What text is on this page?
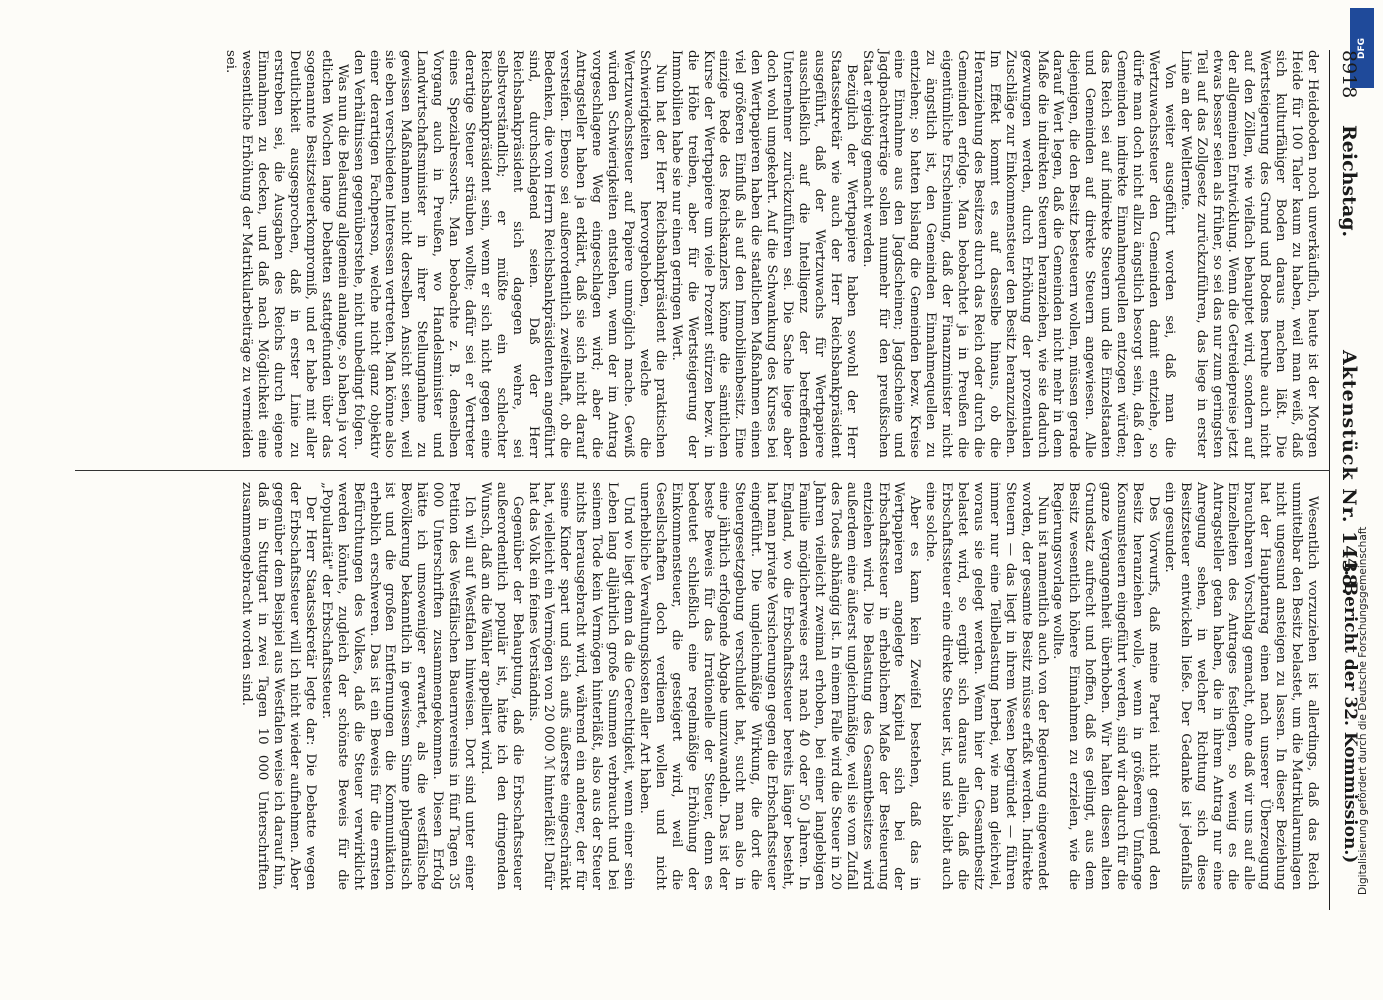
DFG
Digitalisierung gefördert durch die Deutsche Forschungsgemeinschaft
8918
Reichstag.
Aktenstück Nr. 1438.
(4. Bericht der 32. Kommission.)

der Heideboden noch unverkäuflich, heute ist der Morgen Heide für 100 Taler kaum zu haben, weil man weiß, daß sich kulturfähiger Boden daraus machen läßt. Die Wertsteigerung des Grund und Bodens beruhe auch nicht auf den Zöllen, wie vielfach behauptet wird, sondern auf der allgemeinen Entwicklung. Wenn die Getreidepreise jetzt etwas besser seien als früher, so sei das nur zum geringsten Teil auf das Zollgesetz zurückzuführen, das liege in erster Linie an der Weltlernte.

Von weiter ausgeführt worden sei, daß man die Wertzuwachssteuer den Gemeinden damit entziehe, so dürfe man doch nicht allzu ängstlich besorgt sein, daß den Gemeinden indirekte Einnahmequellen entzogen würden; das Reich sei auf indirekte Steuern und die Einzelstaaten und Gemeinden auf direkte Steuern angewiesen. Alle diejenigen, die den Besitz besteuern wollen, müssen gerade darauf Wert legen, daß die Gemeinden nicht mehr in dem Maße die indirekten Steuern heranziehen, wie sie dadurch gezwungen werden, durch Erhöhung der prozentualen Zuschläge zur Einkommensteuer den Besitz heranzuziehen. Im Effekt kommt es auf dasselbe hinaus, ob die Heranziehung des Besitzes durch das Reich oder durch die Gemeinden erfolge. Man beobachtet ja in Preußen die eigentümliche Erscheinung, daß der Finanzminister nicht zu ängstlich ist, den Gemeinden Einnahmequellen zu entziehen; so hatten bislang die Gemeinden bezw. Kreise eine Einnahme aus den Jagdscheinen; Jagdscheine und Jagdpachtverträge sollen nunmehr für den preußischen Staat ergiebig gemacht werden.

Bezüglich der Wertpapiere haben sowohl der Herr Staatssekretär wie auch der Herr Reichsbankpräsident ausgeführt, daß der Wertzuwachs für Wertpapiere ausschließlich auf die Intelligenz der betreffenden Unternehmer zurückzuführen sei. Die Sache liege aber doch wohl umgekehrt. Auf die Schwankung des Kurses bei den Wertpapieren haben die staatlichen Maßnahmen einen viel größeren Einfluß als auf den Immobilienbesitz. Eine einzige Rede des Reichskanzlers könne die sämtlichen Kurse der Wertpapiere um viele Prozent stürzen bezw. in die Höhe treiben, aber für die Wertsteigerung der Immobilien habe sie nur einen geringen Wert.

Nun hat der Herr Reichsbankpräsident die praktischen Schwierigkeiten hervorgehoben, welche die Wertzuwachssteuer auf Papiere unmöglich mache. Gewiß würden Schwierigkeiten entstehen, wenn der im Antrag vorgeschlagene Weg eingeschlagen wird; aber die Antragsteller haben ja erklärt, daß sie sich nicht darauf versteifen. Ebenso sei außerordentlich zweifelhaft, ob die Bedenken, die vom Herrn Reichsbankpräsidenten angeführt sind, durchschlagend seien. Daß der Herr Reichsbankpräsident sich dagegen wehre, sei selbstverständlich; er müßte ein schlechter Reichsbankpräsident sein, wenn er sich nicht gegen eine derartige Steuer sträuben wollte; dafür sei er Vertreter eines Spezialressorts. Man beobachte z. B. denselben Vorgang auch in Preußen, wo Handelsminister und Landwirtschaftsminister in ihrer Stellungnahme zu gewissen Maßnahmen nicht derselben Ansicht seien, weil sie eben verschiedene Interessen vertreten. Man könne also einer derartigen Fachperson, welche nicht ganz objektiv den Verhältnissen gegenüberstehe, nicht unbedingt folgen.

Was nun die Belastung allgemein anlange, so haben ja vor etlichen Wochen lange Debatten stattgefunden über das sogenannte Besitzsteuerkompromiß, und er habe mit aller Deutlichkeit ausgesprochen, daß in erster Linie zu erstreben sei, die Ausgaben des Reichs durch eigene Einnahmen zu decken, und daß nach Möglichkeit eine wesentliche Erhöhung der Matrikularbeiträge zu vermeiden sei.

Wesentlich vorzuziehen ist allerdings, daß das Reich unmittelbar den Besitz belastet, um die Matrikularumlagen nicht ungesund ansteigen zu lassen. In dieser Beziehung hat der Hauptantrag einen nach unserer Überzeugung brauchbaren Vorschlag gemacht, ohne daß wir uns auf alle Einzelheiten des Antrages festlegen, so wenig es die Antragsteller getan haben, die in ihrem Antrag nur eine Anregung sehen, in welcher Richtung sich diese Besitzsteuer entwickeln ließe. Der Gedanke ist jedenfalls ein gesunder.

Des Vorwurfs, daß meine Partei nicht genügend den Besitz heranziehen wolle, wenn in größerem Umfange Konsumsteuern eingeführt werden, sind wir dadurch für die ganze Vergangenheit überhoben. Wir halten diesen alten Grundsatz aufrecht und hoffen, daß es gelingt, aus dem Besitz wesentlich höhere Einnahmen zu erzielen, wie die Regierungsvorlage wollte.

Nun ist namentlich auch von der Regierung eingewendet worden, der gesamte Besitz müsse erfaßt werden. Indirekte Steuern — das liegt in ihrem Wesen begründet — führen immer nur eine Teilbelastung herbei, wie man gleichviel, woraus sie gelegt werden. Wenn hier der Gesamtbesitz belastet wird, so ergibt sich daraus allein, daß die Erbschaftssteuer eine direkte Steuer ist, und sie bleibt auch eine solche.

Aber es kann kein Zweifel bestehen, daß das in Wertpapieren angelegte Kapital sich bei der Erbschaftssteuer in erheblichem Maße der Besteuerung entziehen wird. Die Belastung des Gesamtbesitzes wird außerdem eine äußerst ungleichmäßige, weil sie vom Zufall des Todes abhängig ist. In einem Falle wird die Steuer in 20 Jahren vielleicht zweimal erhoben, bei einer langlebigen Familie möglicherweise erst nach 40 oder 50 Jahren. In England, wo die Erbschaftssteuer bereits länger besteht, hat man private Versicherungen gegen die Erbschaftssteuer eingeführt. Die ungleichmäßige Wirkung, die dort die Steuergesetzgebung verschuldet hat, sucht man also in eine jährlich erfolgende Abgabe umzuwandeln. Das ist der beste Beweis für das Irrationelle der Steuer, denn es bedeutet schließlich eine regelmäßige Erhöhung der Einkommensteuer, die gesteigert wird, weil die Gesellschaften doch verdienen wollen und nicht unerhebliche Verwaltungskosten aller Art haben.

Und wo liegt denn da die Gerechtigkeit, wenn einer sein Leben lang alljährlich große Summen verbraucht und bei seinem Tode kein Vermögen hinterläßt, also aus der Steuer nichts herausgebracht wird, während ein anderer, der für seine Kinder spart und sich aufs äußerste eingeschränkt hat, vielleicht ein Vermögen von 20 000 ℳ hinterläßt! Dafür hat das Volk ein feines Verständnis.

Gegenüber der Behauptung, daß die Erbschaftssteuer außerordentlich populär ist, hätte ich den dringenden Wunsch, daß an die Wähler appelliert wird.

Ich will auf Westfalen hinweisen. Dort sind unter einer Petition des Westfälischen Bauernvereins in fünf Tagen 35 000 Unterschriften zusammengekommen. Diesen Erfolg hätte ich umsoweniger erwartet, als die westfälische Bevölkerung bekanntlich in gewissem Sinne phlegmatisch ist und die großen Entfernungen die Kommunikation erheblich erschweren. Das ist ein Beweis für die ernsten Befürchtungen des Volkes, daß die Steuer verwirklicht werden könnte, zugleich der schönste Beweis für die „Popularität" der Erbschaftssteuer.

Der Herr Staatssekretär legte dar: Die Debatte wegen der Erbschaftssteuer will ich nicht wieder aufnehmen. Aber gegenüber dem Beispiel aus Westfalen weise ich darauf hin, daß in Stuttgart in zwei Tagen 10 000 Unterschriften zusammengebracht worden sind.
